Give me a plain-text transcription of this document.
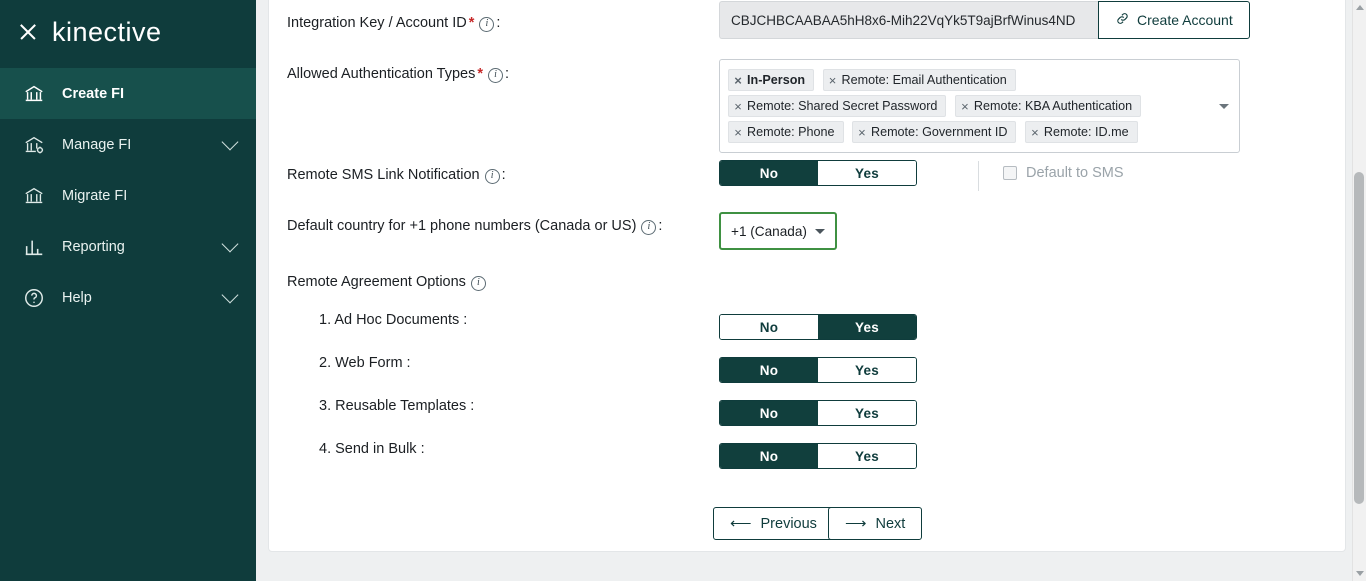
kinective
Create FI
Manage FI
Migrate FI
Reporting
Help
Integration Key / Account ID * i :
CBJCHBCAABAA5hH8x6-Mih22VqYk5T9ajBrfWinus4ND	Create Account
Allowed Authentication Types * i :	× In-Person
	× Remote: Email Authentication

× Remote: Shared Secret Password
	× Remote: KBA Authentication

× Remote: Phone
	× Remote: Government ID
	× Remote: ID.me
Remote SMS Link Notification i :	No	Yes	Default to SMS
Default country for +1 phone numbers (Canada or US) i :	+1 (Canada)
Remote Agreement Options i
1. Ad Hoc Documents :	No	Yes
2. Web Form :	No	Yes
3. Reusable Templates :	No	Yes
4. Send in Bulk :	No	Yes
⟵ Previous ⟶ Next
